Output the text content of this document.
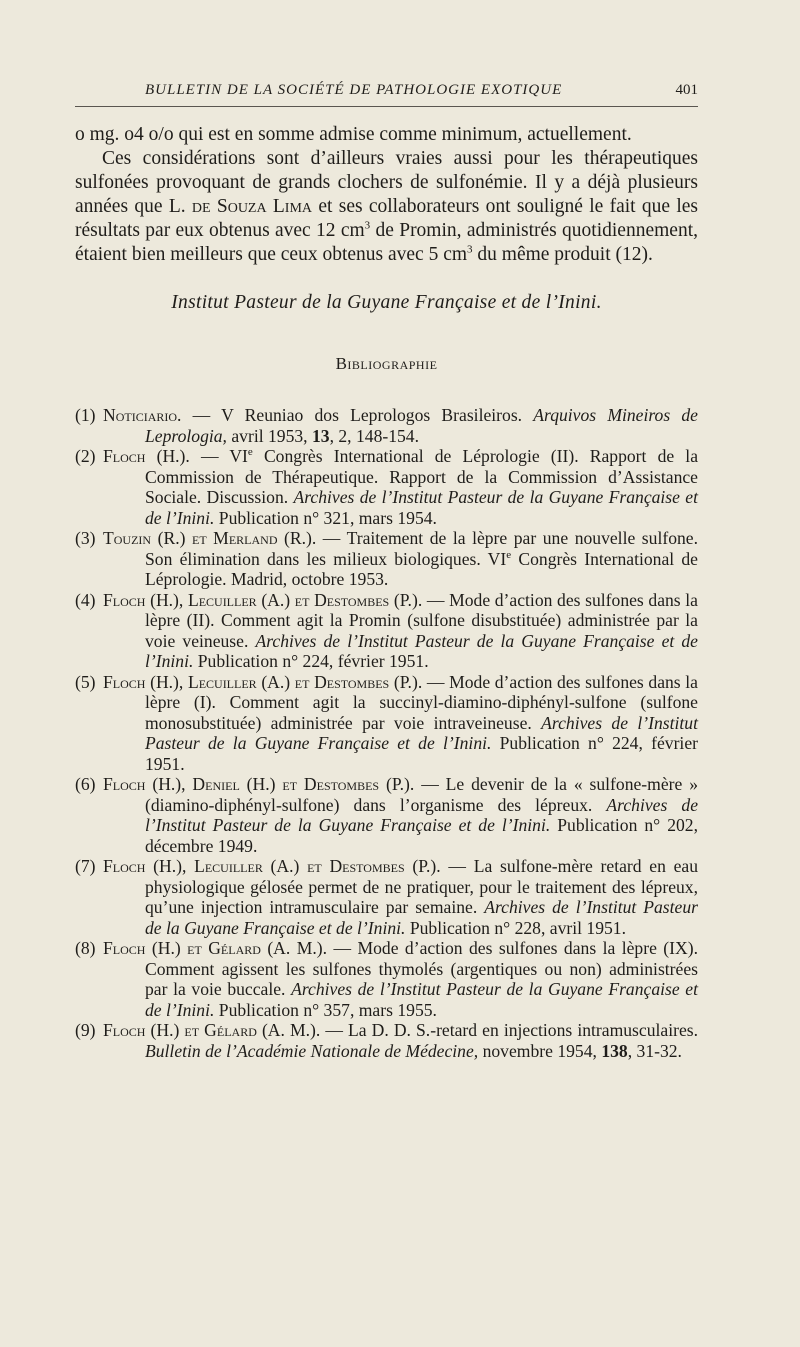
BULLETIN DE LA SOCIÉTÉ DE PATHOLOGIE EXOTIQUE	401

o mg. o4 o/o qui est en somme admise comme minimum, actuellement.

Ces considérations sont d’ailleurs vraies aussi pour les thérapeutiques sulfonées provoquant de grands clochers de sulfonémie. Il y a déjà plusieurs années que L. de Souza Lima et ses collaborateurs ont souligné le fait que les résultats par eux obtenus avec 12 $cm^3$ de Promin, administrés quotidiennement, étaient bien meilleurs que ceux obtenus avec 5 $cm^3$ du même produit (12).

Institut Pasteur de la Guyane Française et de l’Inini.
Bibliographie
(1) Noticiario. — V Reuniao dos Leprologos Brasileiros. Arquivos Mineiros de Leprologia, avril 1953, 13, 2, 148-154.
(2) Floch (H.). — VIe Congrès International de Léprologie (II). Rapport de la Commission de Thérapeutique. Rapport de la Commission d’Assistance Sociale. Discussion. Archives de l’Institut Pasteur de la Guyane Française et de l’Inini. Publication n° 321, mars 1954.
(3) Touzin (R.) et Merland (R.). — Traitement de la lèpre par une nouvelle sulfone. Son élimination dans les milieux biologiques. VIe Congrès International de Léprologie. Madrid, octobre 1953.
(4) Floch (H.), Lecuiller (A.) et Destombes (P.). — Mode d’action des sulfones dans la lèpre (II). Comment agit la Promin (sulfone disubstituée) administrée par la voie veineuse. Archives de l’Institut Pasteur de la Guyane Française et de l’Inini. Publication n° 224, février 1951.
(5) Floch (H.), Lecuiller (A.) et Destombes (P.). — Mode d’action des sulfones dans la lèpre (I). Comment agit la succinyl-diamino-diphényl-sulfone (sulfone monosubstituée) administrée par voie intraveineuse. Archives de l’Institut Pasteur de la Guyane Française et de l’Inini. Publication n° 224, février 1951.
(6) Floch (H.), Deniel (H.) et Destombes (P.). — Le devenir de la « sulfone-mère » (diamino-diphényl-sulfone) dans l’organisme des lépreux. Archives de l’Institut Pasteur de la Guyane Française et de l’Inini. Publication n° 202, décembre 1949.
(7) Floch (H.), Lecuiller (A.) et Destombes (P.). — La sulfone-mère retard en eau physiologique gélosée permet de ne pratiquer, pour le traitement des lépreux, qu’une injection intramusculaire par semaine. Archives de l’Institut Pasteur de la Guyane Française et de l’Inini. Publication n° 228, avril 1951.
(8) Floch (H.) et Gélard (A. M.). — Mode d’action des sulfones dans la lèpre (IX). Comment agissent les sulfones thymolés (argentiques ou non) administrées par la voie buccale. Archives de l’Institut Pasteur de la Guyane Française et de l’Inini. Publication n° 357, mars 1955.
(9) Floch (H.) et Gélard (A. M.). — La D. D. S.-retard en injections intramusculaires. Bulletin de l’Académie Nationale de Médecine, novembre 1954, 138, 31-32.
